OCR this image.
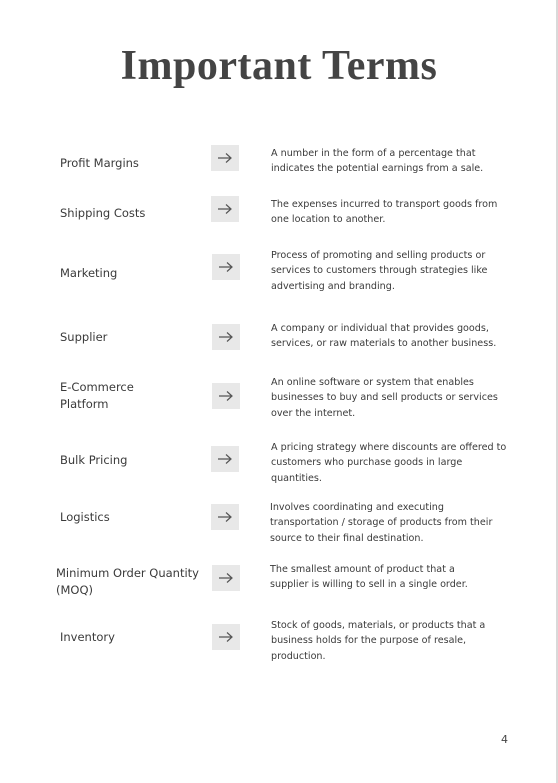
Important Terms
Profit Margins
A number in the form of a percentage that indicates the potential earnings from a sale.
Shipping Costs
The expenses incurred to transport goods from one location to another.
Marketing
Process of promoting and selling products or services to customers through strategies like advertising and branding.
Supplier
A company or individual that provides goods, services, or raw materials to another business.
E-Commerce Platform
An online software or system that enables businesses to buy and sell products or services over the internet.
Bulk Pricing
A pricing strategy where discounts are offered to customers who purchase goods in large quantities.
Logistics
Involves coordinating and executing transportation / storage of products from their source to their final destination.
Minimum Order Quantity (MOQ)
The smallest amount of product that a supplier is willing to sell in a single order.
Inventory
Stock of goods, materials, or products that a business holds for the purpose of resale, production.
4
